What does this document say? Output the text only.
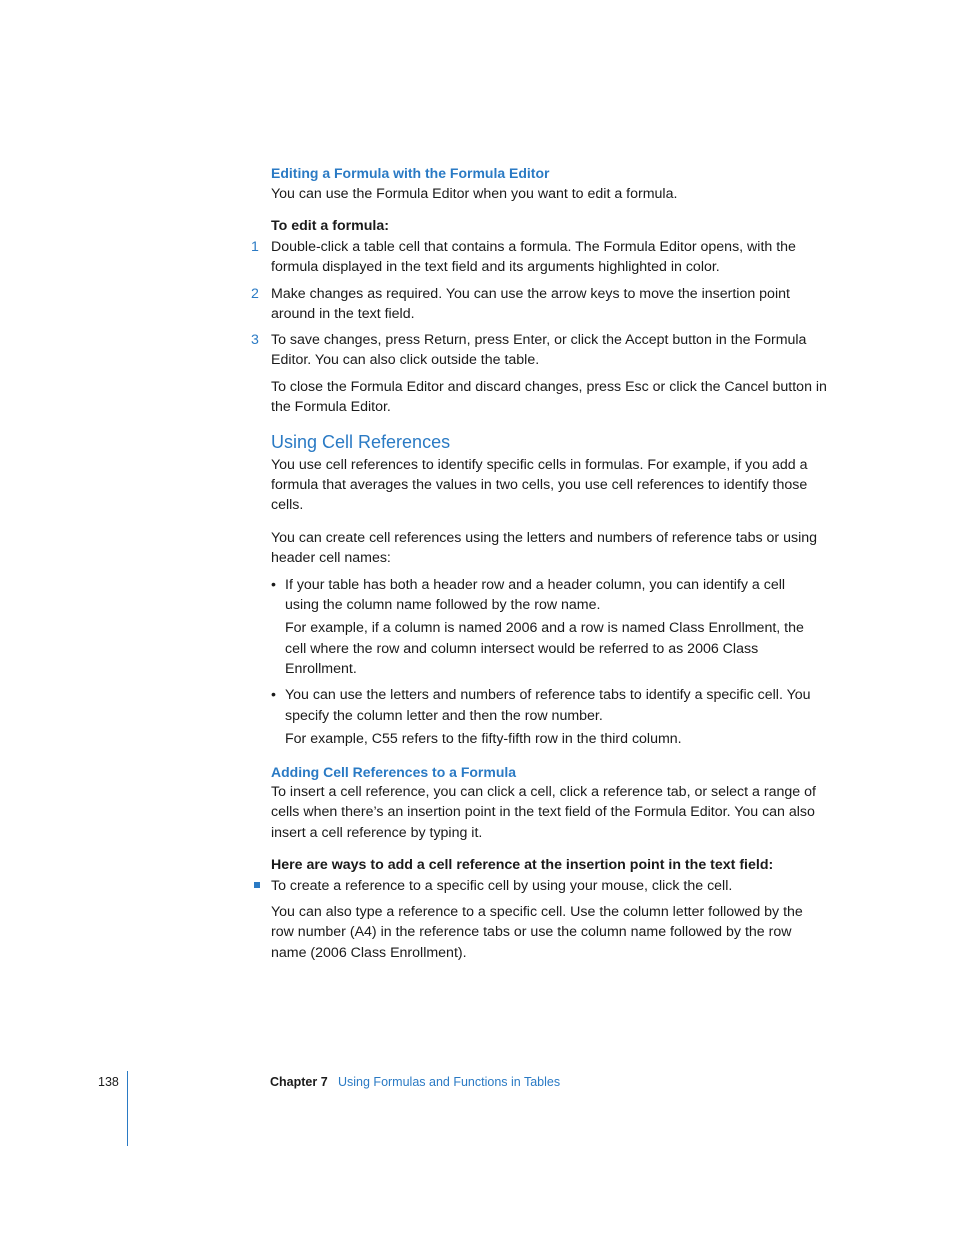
Editing a Formula with the Formula Editor
You can use the Formula Editor when you want to edit a formula.
To edit a formula:
1 Double-click a table cell that contains a formula. The Formula Editor opens, with the
formula displayed in the text field and its arguments highlighted in color.
2 Make changes as required. You can use the arrow keys to move the insertion point
around in the text field.
3 To save changes, press Return, press Enter, or click the Accept button in the Formula
Editor. You can also click outside the table.
To close the Formula Editor and discard changes, press Esc or click the Cancel button in
the Formula Editor.
Using Cell References
You use cell references to identify specific cells in formulas. For example, if you add a
formula that averages the values in two cells, you use cell references to identify those
cells.
You can create cell references using the letters and numbers of reference tabs or using
header cell names:
• If your table has both a header row and a header column, you can identify a cell
using the column name followed by the row name.
For example, if a column is named 2006 and a row is named Class Enrollment, the
cell where the row and column intersect would be referred to as 2006 Class
Enrollment.
• You can use the letters and numbers of reference tabs to identify a specific cell. You
specify the column letter and then the row number.
For example, C55 refers to the fifty-fifth row in the third column.
Adding Cell References to a Formula
To insert a cell reference, you can click a cell, click a reference tab, or select a range of
cells when there’s an insertion point in the text field of the Formula Editor. You can also
insert a cell reference by typing it.
Here are ways to add a cell reference at the insertion point in the text field:
To create a reference to a specific cell by using your mouse, click the cell.
You can also type a reference to a specific cell. Use the column letter followed by the
row number (A4) in the reference tabs or use the column name followed by the row
name (2006 Class Enrollment).
138	Chapter 7 Using Formulas and Functions in Tables
